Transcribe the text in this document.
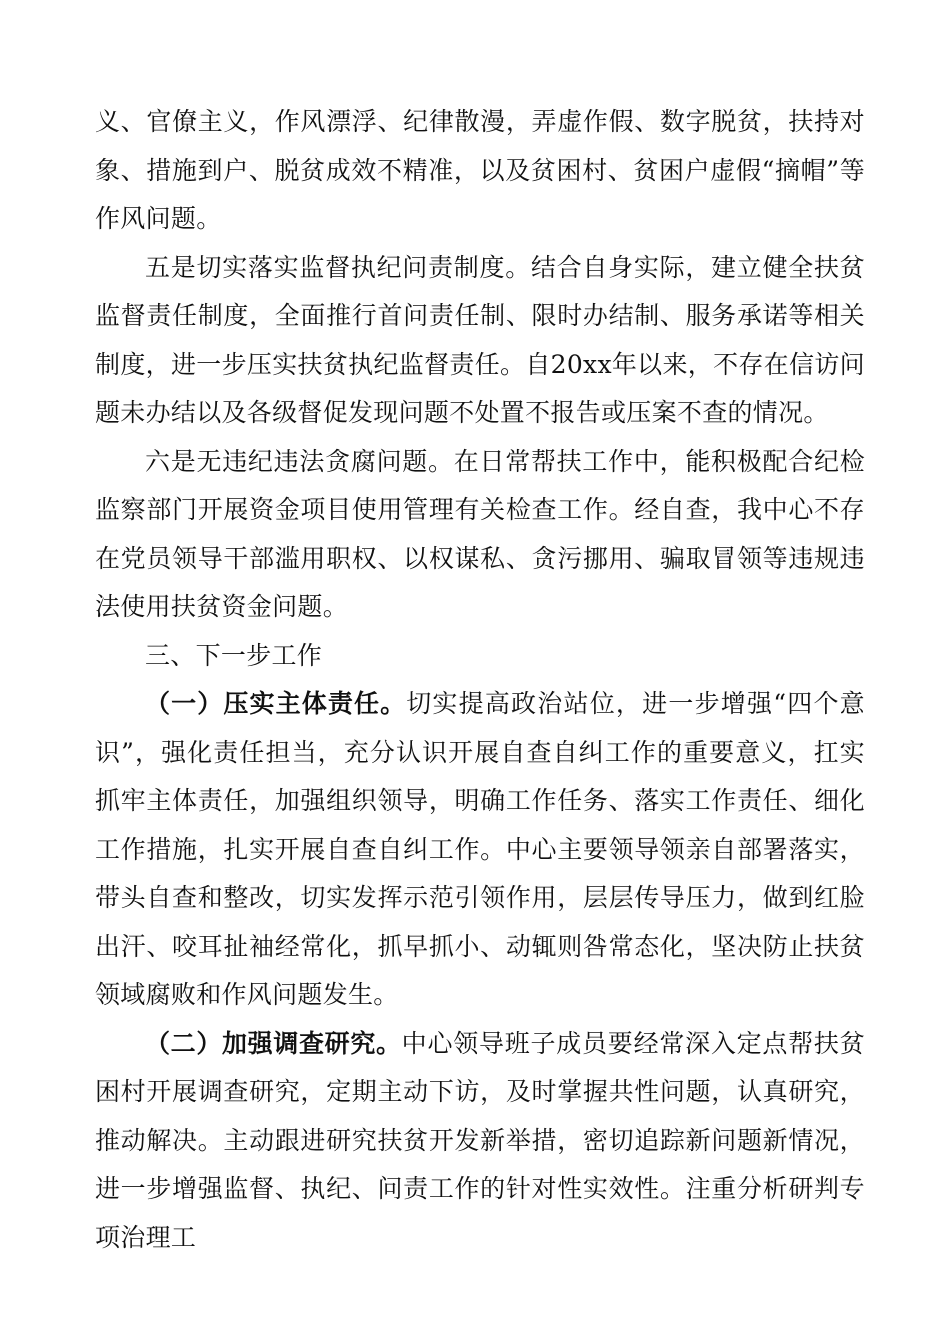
义、官僚主义，作风漂浮、纪律散漫，弄虚作假、数字脱贫，扶持对象、措施到户、脱贫成效不精准，以及贫困村、贫困户虚假“摘帽”等作风问题。

五是切实落实监督执纪问责制度。结合自身实际，建立健全扶贫监督责任制度，全面推行首问责任制、限时办结制、服务承诺等相关制度，进一步压实扶贫执纪监督责任。自20xx年以来，不存在信访问题未办结以及各级督促发现问题不处置不报告或压案不查的情况。

六是无违纪违法贪腐问题。在日常帮扶工作中，能积极配合纪检监察部门开展资金项目使用管理有关检查工作。经自查，我中心不存在党员领导干部滥用职权、以权谋私、贪污挪用、骗取冒领等违规违法使用扶贫资金问题。

三、下一步工作

（一）压实主体责任。切实提高政治站位，进一步增强“四个意识”，强化责任担当，充分认识开展自查自纠工作的重要意义，扛实抓牢主体责任，加强组织领导，明确工作任务、落实工作责任、细化工作措施，扎实开展自查自纠工作。中心主要领导领亲自部署落实，带头自查和整改，切实发挥示范引领作用，层层传导压力，做到红脸出汗、咬耳扯袖经常化，抓早抓小、动辄则咎常态化，坚决防止扶贫领域腐败和作风问题发生。

（二）加强调查研究。中心领导班子成员要经常深入定点帮扶贫困村开展调查研究，定期主动下访，及时掌握共性问题，认真研究，推动解决。主动跟进研究扶贫开发新举措，密切追踪新问题新情况，进一步增强监督、执纪、问责工作的针对性实效性。注重分析研判专项治理工
